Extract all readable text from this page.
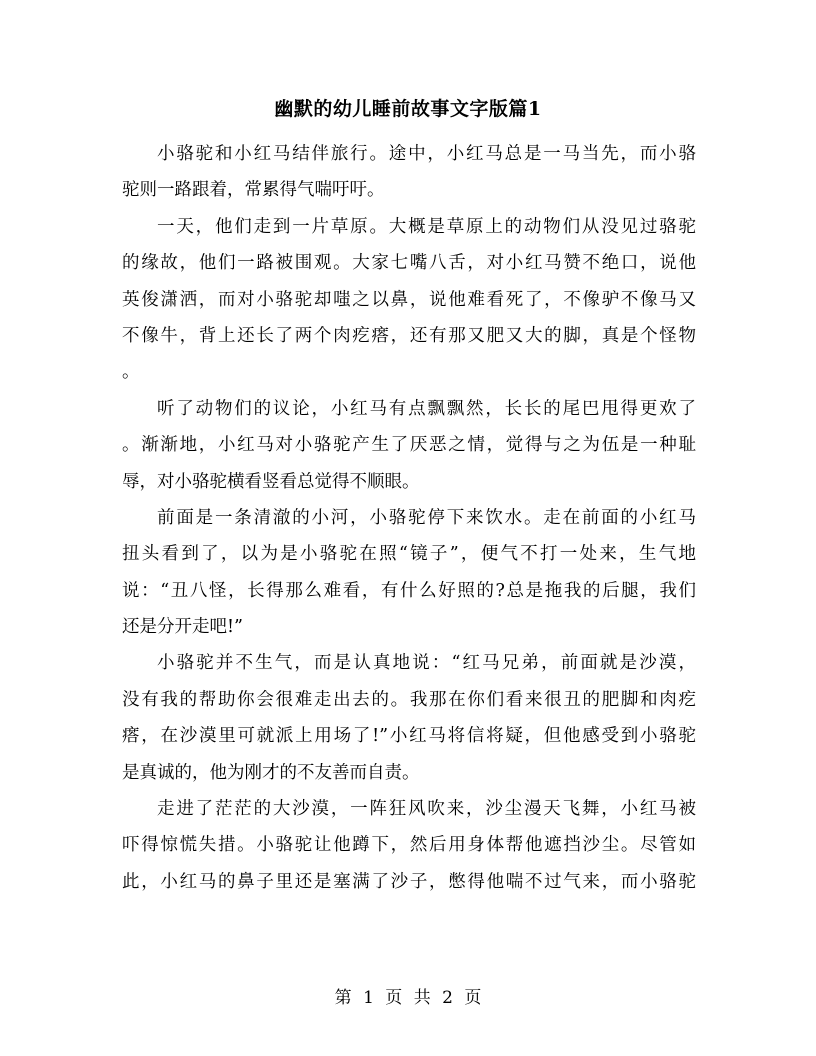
幽默的幼儿睡前故事文字版篇1
小骆驼和小红马结伴旅行。途中，小红马总是一马当先，而小骆
驼则一路跟着，常累得气喘吁吁。
一天，他们走到一片草原。大概是草原上的动物们从没见过骆驼
的缘故，他们一路被围观。大家七嘴八舌，对小红马赞不绝口，说他
英俊潇洒，而对小骆驼却嗤之以鼻，说他难看死了，不像驴不像马又
不像牛，背上还长了两个肉疙瘩，还有那又肥又大的脚，真是个怪物
。
听了动物们的议论，小红马有点飘飘然，长长的尾巴甩得更欢了
。渐渐地，小红马对小骆驼产生了厌恶之情，觉得与之为伍是一种耻
辱，对小骆驼横看竖看总觉得不顺眼。
前面是一条清澈的小河，小骆驼停下来饮水。走在前面的小红马
扭头看到了，以为是小骆驼在照“镜子”，便气不打一处来，生气地
说：“丑八怪，长得那么难看，有什么好照的?总是拖我的后腿，我们
还是分开走吧!”
小骆驼并不生气，而是认真地说：“红马兄弟，前面就是沙漠，
没有我的帮助你会很难走出去的。我那在你们看来很丑的肥脚和肉疙
瘩，在沙漠里可就派上用场了!”小红马将信将疑，但他感受到小骆驼
是真诚的，他为刚才的不友善而自责。
走进了茫茫的大沙漠，一阵狂风吹来，沙尘漫天飞舞，小红马被
吓得惊慌失措。小骆驼让他蹲下，然后用身体帮他遮挡沙尘。尽管如
此，小红马的鼻子里还是塞满了沙子，憋得他喘不过气来，而小骆驼
第 1 页 共 2 页
